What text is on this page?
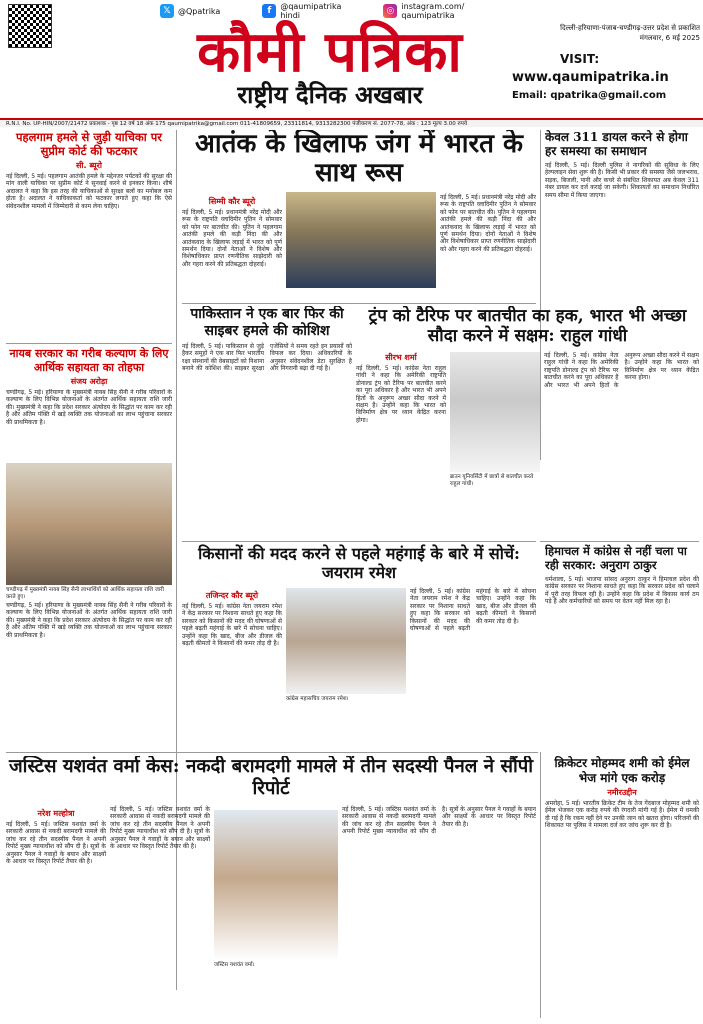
𝕏 @Qpatrika	f	@qaumipatrika
hindi	◎ instagram.com/
qaumipatrika
कौमी पत्रिका
राष्ट्रीय दैनिक अखबार
दिल्ली-हरियाणा-पंजाब-चण्डीगढ़-उत्तर प्रदेश से प्रकाशित
मंगलवार, 6 मई 2025
VISIT:
www.qaumipatrika.in
Email: qpatrika@gmail.com
R.N.I. No. UP-HIN/2007/21472 प्रकाशक - पृष्ठ 12 वर्ष 18 अंक 175 qaumipatrika@gmail.com 011-41809659, 23311814, 9313282300 पंजीकरण सं. 2077-78, अंक : 123 मूल्य 3.00 रुपये
पहलगाम हमले से जुड़ी याचिका पर सुप्रीम कोर्ट की फटकार
सी. ब्यूरो
नई दिल्ली, 5 मई। पहलगाम आतंकी हमले के मद्देनजर पर्यटकों की सुरक्षा की मांग वाली याचिका पर सुप्रीम कोर्ट ने सुनवाई करने से इनकार किया। शीर्ष अदालत ने कहा कि इस तरह की याचिकाओं से सुरक्षा बलों का मनोबल कम होता है। अदालत ने याचिकाकर्ता को फटकार लगाते हुए कहा कि ऐसे संवेदनशील मामलों में जिम्मेदारी से काम लेना चाहिए।
आतंक के खिलाफ जंग में भारत के साथ रूस
सिम्मी कौर ब्यूरो
नई दिल्ली, 5 मई। प्रधानमंत्री नरेंद्र मोदी और रूस के राष्ट्रपति व्लादिमीर पुतिन ने सोमवार को फोन पर बातचीत की। पुतिन ने पहलगाम आतंकी हमले की कड़ी निंदा की और आतंकवाद के खिलाफ लड़ाई में भारत को पूर्ण समर्थन दिया। दोनों नेताओं ने विशेष और विशेषाधिकार प्राप्त रणनीतिक साझेदारी को और गहरा करने की प्रतिबद्धता दोहराई।
नई दिल्ली, 5 मई। प्रधानमंत्री नरेंद्र मोदी और रूस के राष्ट्रपति व्लादिमीर पुतिन ने सोमवार को फोन पर बातचीत की। पुतिन ने पहलगाम आतंकी हमले की कड़ी निंदा की और आतंकवाद के खिलाफ लड़ाई में भारत को पूर्ण समर्थन दिया। दोनों नेताओं ने विशेष और विशेषाधिकार प्राप्त रणनीतिक साझेदारी को और गहरा करने की प्रतिबद्धता दोहराई।
केवल 311 डायल करने से होगा हर समस्या का समाधान
नई दिल्ली, 5 मई। दिल्ली पुलिस ने नागरिकों की सुविधा के लिए हेल्पलाइन सेवा शुरू की है। किसी भी प्रकार की समस्या जैसे जलभराव, सड़क, बिजली, पानी और कचरे से संबंधित शिकायत अब केवल 311 नंबर डायल कर दर्ज कराई जा सकेगी। शिकायतों का समाधान निर्धारित समय सीमा में किया जाएगा।
नायब सरकार का गरीब कल्याण के लिए आर्थिक सहायता का तोहफा
संजय अरोड़ा
चण्डीगढ़, 5 मई। हरियाणा के मुख्यमंत्री नायब सिंह सैनी ने गरीब परिवारों के कल्याण के लिए विभिन्न योजनाओं के अंतर्गत आर्थिक सहायता राशि जारी की। मुख्यमंत्री ने कहा कि प्रदेश सरकार अंत्योदय के सिद्धांत पर काम कर रही है और अंतिम पंक्ति में खड़े व्यक्ति तक योजनाओं का लाभ पहुंचाना सरकार की प्राथमिकता है।
चण्डीगढ़ में मुख्यमंत्री नायब सिंह सैनी लाभार्थियों को आर्थिक सहायता राशि जारी करते हुए।
चण्डीगढ़, 5 मई। हरियाणा के मुख्यमंत्री नायब सिंह सैनी ने गरीब परिवारों के कल्याण के लिए विभिन्न योजनाओं के अंतर्गत आर्थिक सहायता राशि जारी की। मुख्यमंत्री ने कहा कि प्रदेश सरकार अंत्योदय के सिद्धांत पर काम कर रही है और अंतिम पंक्ति में खड़े व्यक्ति तक योजनाओं का लाभ पहुंचाना सरकार की प्राथमिकता है।
पाकिस्तान ने एक बार फिर की साइबर हमले की कोशिश
नई दिल्ली, 5 मई। पाकिस्तान से जुड़े हैकर समूहों ने एक बार फिर भारतीय रक्षा संस्थानों की वेबसाइटों को निशाना बनाने की कोशिश की। साइबर सुरक्षा एजेंसियों ने समय रहते इन प्रयासों को विफल कर दिया। अधिकारियों के अनुसार संवेदनशील डेटा सुरक्षित है और निगरानी बढ़ा दी गई है।
ट्रंप को टैरिफ पर बातचीत का हक, भारत भी अच्छा सौदा करने में सक्षम: राहुल गांधी
सीरभ शर्मा
नई दिल्ली, 5 मई। कांग्रेस नेता राहुल गांधी ने कहा कि अमेरिकी राष्ट्रपति डोनाल्ड ट्रंप को टैरिफ पर बातचीत करने का पूरा अधिकार है और भारत भी अपने हितों के अनुरूप अच्छा सौदा करने में सक्षम है। उन्होंने कहा कि भारत को विनिर्माण क्षेत्र पर ध्यान केंद्रित करना होगा।
ब्राउन यूनिवर्सिटी में छात्रों से बातचीत करते राहुल गांधी।
नई दिल्ली, 5 मई। कांग्रेस नेता राहुल गांधी ने कहा कि अमेरिकी राष्ट्रपति डोनाल्ड ट्रंप को टैरिफ पर बातचीत करने का पूरा अधिकार है और भारत भी अपने हितों के अनुरूप अच्छा सौदा करने में सक्षम है। उन्होंने कहा कि भारत को विनिर्माण क्षेत्र पर ध्यान केंद्रित करना होगा।
किसानों की मदद करने से पहले महंगाई के बारे में सोचें: जयराम रमेश
तजिन्दर कौर ब्यूरो
नई दिल्ली, 5 मई। कांग्रेस नेता जयराम रमेश ने केंद्र सरकार पर निशाना साधते हुए कहा कि सरकार को किसानों की मदद की घोषणाओं से पहले बढ़ती महंगाई के बारे में सोचना चाहिए। उन्होंने कहा कि खाद, बीज और डीजल की बढ़ती कीमतों ने किसानों की कमर तोड़ दी है।
कांग्रेस महासचिव जयराम रमेश।
नई दिल्ली, 5 मई। कांग्रेस नेता जयराम रमेश ने केंद्र सरकार पर निशाना साधते हुए कहा कि सरकार को किसानों की मदद की घोषणाओं से पहले बढ़ती महंगाई के बारे में सोचना चाहिए। उन्होंने कहा कि खाद, बीज और डीजल की बढ़ती कीमतों ने किसानों की कमर तोड़ दी है।
हिमाचल में कांग्रेस से नहीं चला पा रही सरकार: अनुराग ठाकुर
धर्मशाला, 5 मई। भाजपा सांसद अनुराग ठाकुर ने हिमाचल प्रदेश की कांग्रेस सरकार पर निशाना साधते हुए कहा कि सरकार प्रदेश को चलाने में पूरी तरह विफल रही है। उन्होंने कहा कि प्रदेश में विकास कार्य ठप पड़े हैं और कर्मचारियों को समय पर वेतन नहीं मिल रहा है।
जस्टिस यशवंत वर्मा केस: नकदी बरामदगी मामले में तीन सदस्यी पैनल ने सौंपी रिपोर्ट
नरेश मल्होत्रा
नई दिल्ली, 5 मई। जस्टिस यशवंत वर्मा के सरकारी आवास से नकदी बरामदगी मामले की जांच कर रहे तीन सदस्यीय पैनल ने अपनी रिपोर्ट मुख्य न्यायाधीश को सौंप दी है। सूत्रों के अनुसार पैनल ने गवाहों के बयान और साक्ष्यों के आधार पर विस्तृत रिपोर्ट तैयार की है।
नई दिल्ली, 5 मई। जस्टिस यशवंत वर्मा के सरकारी आवास से नकदी बरामदगी मामले की जांच कर रहे तीन सदस्यीय पैनल ने अपनी रिपोर्ट मुख्य न्यायाधीश को सौंप दी है। सूत्रों के अनुसार पैनल ने गवाहों के बयान और साक्ष्यों के आधार पर विस्तृत रिपोर्ट तैयार की है।
जस्टिस यशवंत वर्मा।
नई दिल्ली, 5 मई। जस्टिस यशवंत वर्मा के सरकारी आवास से नकदी बरामदगी मामले की जांच कर रहे तीन सदस्यीय पैनल ने अपनी रिपोर्ट मुख्य न्यायाधीश को सौंप दी है। सूत्रों के अनुसार पैनल ने गवाहों के बयान और साक्ष्यों के आधार पर विस्तृत रिपोर्ट तैयार की है।
क्रिकेटर मोहम्मद शमी को ईमेल भेज मांगे एक करोड़
नमीरउद्दीन
अमरोहा, 5 मई। भारतीय क्रिकेट टीम के तेज गेंदबाज मोहम्मद शमी को ईमेल भेजकर एक करोड़ रुपये की रंगदारी मांगी गई है। ईमेल में धमकी दी गई है कि रकम नहीं देने पर उनकी जान को खतरा होगा। परिजनों की शिकायत पर पुलिस ने मामला दर्ज कर जांच शुरू कर दी है।
